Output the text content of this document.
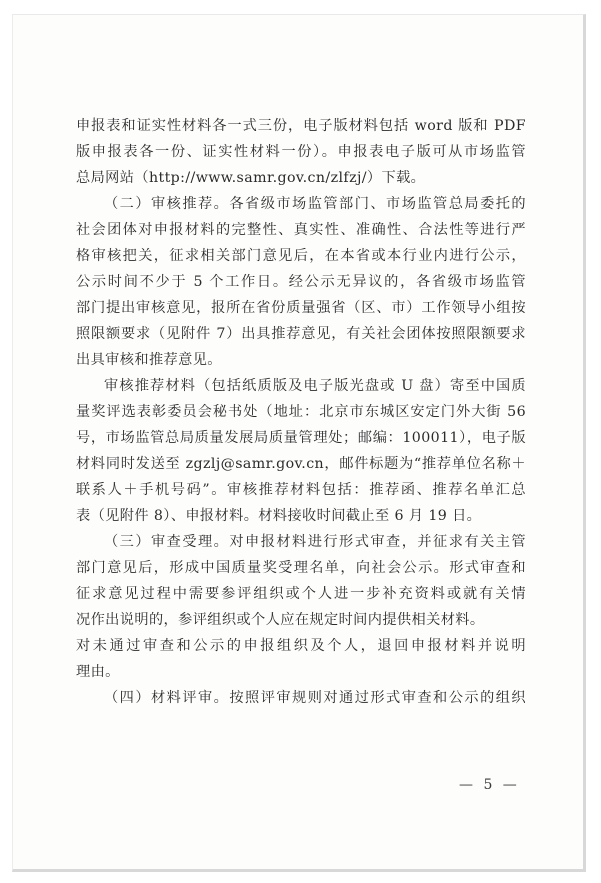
申报表和证实性材料各一式三份，电子版材料包括 word 版和 PDF
版申报表各一份、证实性材料一份）。申报表电子版可从市场监管
总局网站（http://www.samr.gov.cn/zlfzj/）下载。
（二）审核推荐。各省级市场监管部门、市场监管总局委托的
社会团体对申报材料的完整性、真实性、准确性、合法性等进行严
格审核把关，征求相关部门意见后，在本省或本行业内进行公示，
公示时间不少于 5 个工作日。经公示无异议的，各省级市场监管
部门提出审核意见，报所在省份质量强省（区、市）工作领导小组按
照限额要求（见附件 7）出具推荐意见，有关社会团体按照限额要求
出具审核和推荐意见。
审核推荐材料（包括纸质版及电子版光盘或 U 盘）寄至中国质
量奖评选表彰委员会秘书处（地址：北京市东城区安定门外大街 56
号，市场监管总局质量发展局质量管理处；邮编：100011），电子版
材料同时发送至 zgzlj@samr.gov.cn，邮件标题为“推荐单位名称＋
联系人＋手机号码”。审核推荐材料包括：推荐函、推荐名单汇总
表（见附件 8）、申报材料。材料接收时间截止至 6 月 19 日。
（三）审查受理。对申报材料进行形式审查，并征求有关主管
部门意见后，形成中国质量奖受理名单，向社会公示。形式审查和
征求意见过程中需要参评组织或个人进一步补充资料或就有关情
况作出说明的，参评组织或个人应在规定时间内提供相关材料。
对未通过审查和公示的申报组织及个人，退回申报材料并说明
理由。
（四）材料评审。按照评审规则对通过形式审查和公示的组织
— 5 —
